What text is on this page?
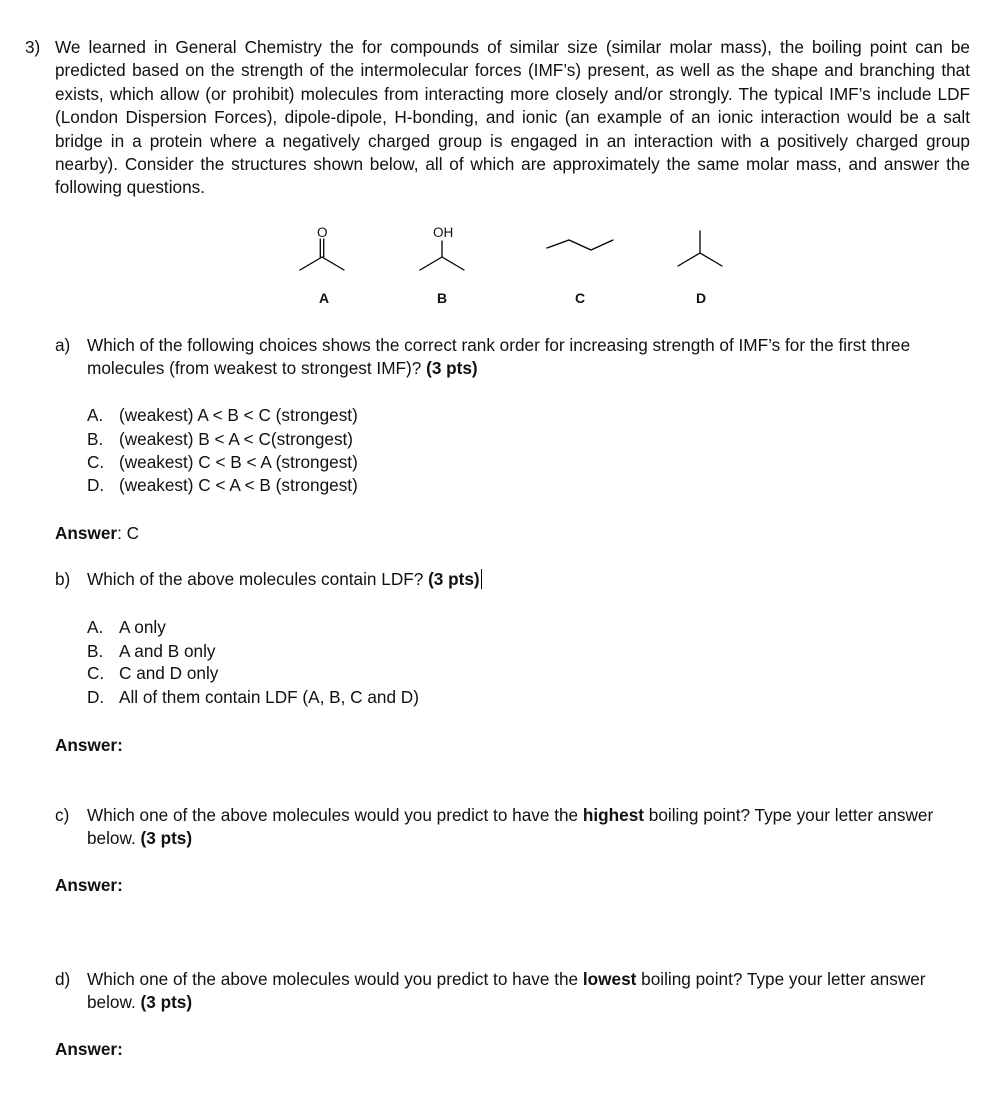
3) We learned in General Chemistry the for compounds of similar size (similar molar mass), the boiling point can be predicted based on the strength of the intermolecular forces (IMF’s) present, as well as the shape and branching that exists, which allow (or prohibit) molecules from interacting more closely and/or strongly. The typical IMF’s include LDF (London Dispersion Forces), dipole-dipole, H-bonding, and ionic (an example of an ionic interaction would be a salt bridge in a protein where a negatively charged group is engaged in an interaction with a positively charged group nearby). Consider the structures shown below, all of which are approximately the same molar mass, and answer the following questions.
O	OH
A	B	C	D
a) Which of the following choices shows the correct rank order for increasing strength of IMF’s for the first three molecules (from weakest to strongest IMF)? (3 pts)
A. (weakest) A < B < C (strongest)
B. (weakest) B < A < C(strongest)
C. (weakest) C < B < A (strongest)
D. (weakest) C < A < B (strongest)
Answer: C
b) Which of the above molecules contain LDF? (3 pts)
A. A only
B. A and B only
C. C and D only
D. All of them contain LDF (A, B, C and D)
Answer:
c) Which one of the above molecules would you predict to have the highest boiling point? Type your letter answer below. (3 pts)
Answer:
d) Which one of the above molecules would you predict to have the lowest boiling point? Type your letter answer below. (3 pts)
Answer:
